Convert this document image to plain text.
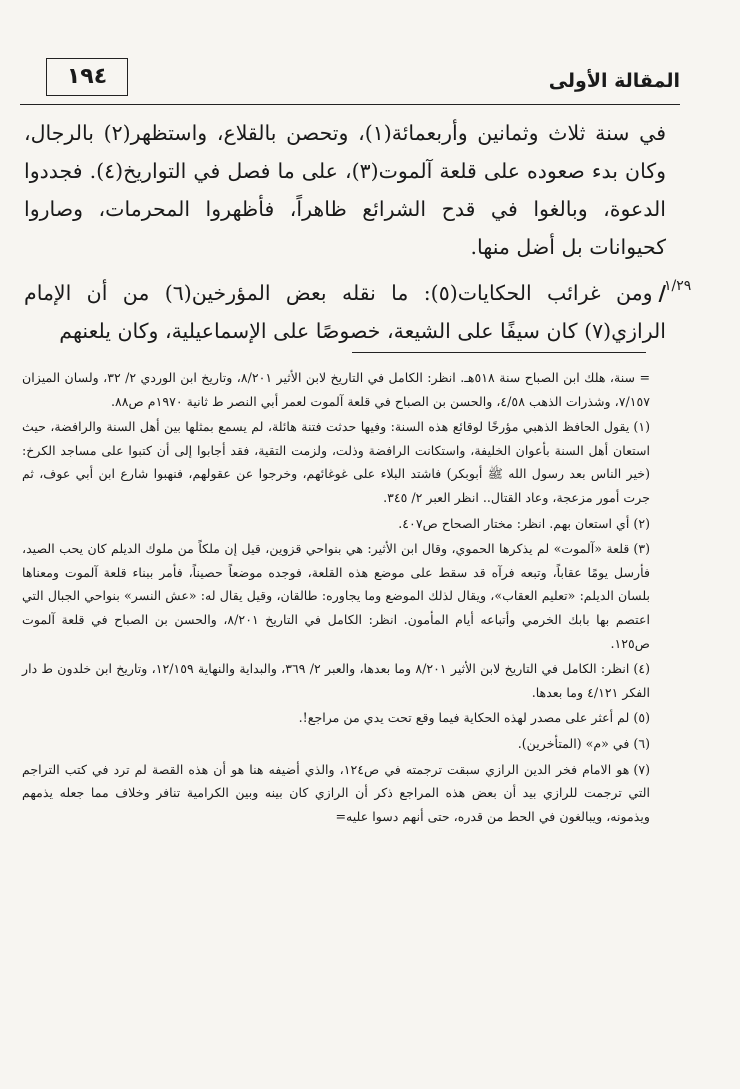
١٩٤	المقالة الأولى
١/٢٩

في سنة ثلاث وثمانين وأربعمائة(١)، وتحصن بالقلاع، واستظهر(٢) بالرجال، وكان بدء صعوده على قلعة آلموت(٣)، على ما فصل في التواريخ(٤). فجددوا الدعوة، وبالغوا في قدح الشرائع ظاهراً، فأظهروا المحرمات، وصاروا كحيوانات بل أضل منها.

/ومن غرائب الحكايات(٥): ما نقله بعض المؤرخين(٦) من أن الإمام الرازي(٧) كان سيفًا على الشيعة، خصوصًا على الإسماعيلية، وكان يلعنهم

= سنة، هلك ابن الصباح سنة ٥١٨هـ. انظر: الكامل في التاريخ لابن الأثير ٨/٢٠١، وتاريخ ابن الوردي ٢/ ٣٢، ولسان الميزان ٧/١٥٧، وشذرات الذهب ٤/٥٨، والحسن بن الصباح في قلعة آلموت لعمر أبي النصر ط ثانية ١٩٧٠م ص٨٨.

(١)يقول الحافظ الذهبي مؤرخًا لوقائع هذه السنة: وفيها حدثت فتنة هائلة، لم يسمع بمثلها بين أهل السنة والرافضة، حيث استعان أهل السنة بأعوان الخليفة، واستكانت الرافضة وذلت، ولزمت التقية، فقد أجابوا إلى أن كتبوا على مساجد الكرخ: (خير الناس بعد رسول الله ﷺ أبوبكر) فاشتد البلاء على غوغائهم، وخرجوا عن عقولهم، فنهبوا شارع ابن أبي عوف، ثم جرت أمور مزعجة، وعاد القتال.. انظر العبر ٢/ ٣٤٥.

(٢)أي استعان بهم. انظر: مختار الصحاح ص٤٠٧.

(٣)قلعة «آلموت» لم يذكرها الحموي، وقال ابن الأثير: هي بنواحي قزوين، قيل إن ملكاً من ملوك الديلم كان يحب الصيد، فأرسل يومًا عقاباً، وتبعه فرآه قد سقط على موضع هذه القلعة، فوجده موضعاً حصيناً، فأمر ببناء قلعة آلموت ومعناها بلسان الديلم: «تعليم العقاب»، ويقال لذلك الموضع وما يجاوره: طالقان، وقيل يقال له: «عش النسر» بنواحي الجبال التي اعتصم بها بابك الخرمي وأتباعه أيام المأمون. انظر: الكامل في التاريخ ٨/٢٠١، والحسن بن الصباح في قلعة آلموت ص١٢٥.

(٤)انظر: الكامل في التاريخ لابن الأثير ٨/٢٠١ وما بعدها، والعبر ٢/ ٣٦٩، والبداية والنهاية ١٢/١٥٩، وتاريخ ابن خلدون ط دار الفكر ٤/١٢١ وما بعدها.

(٥)لم أعثر على مصدر لهذه الحكاية فيما وقع تحت يدي من مراجع!.

(٦)في «م» (المتأخرين).

(٧)هو الامام فخر الدين الرازي سبقت ترجمته في ص١٢٤، والذي أضيفه هنا هو أن هذه القصة لم ترد في كتب التراجم التي ترجمت للرازي بيد أن بعض هذه المراجع ذكر أن الرازي كان بينه وبين الكرامية تنافر وخلاف مما جعله يذمهم ويذمونه، ويبالغون في الحط من قدره، حتى أنهم دسوا عليه=
